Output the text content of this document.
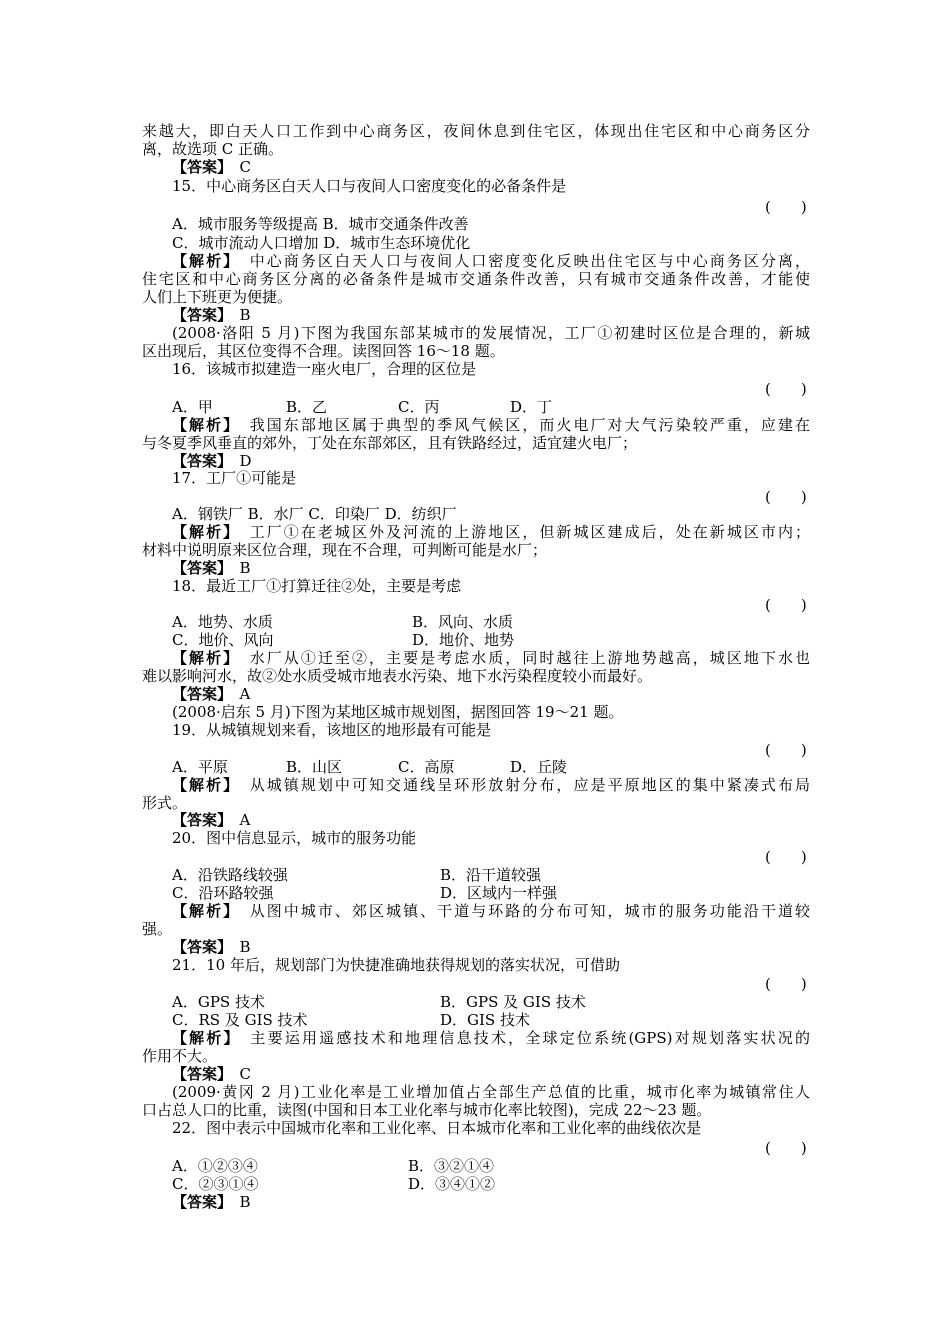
来越大，即白天人口工作到中心商务区，夜间休息到住宅区，体现出住宅区和中心商务区分
离，故选项 C 正确。
【答案】　 C
15．中心商务区白天人口与夜间人口密度变化的必备条件是
(　　)
A．城市服务等级提高 B．城市交通条件改善
C．城市流动人口增加 D．城市生态环境优化
【解析】　 中心商务区白天人口与夜间人口密度变化反映出住宅区与中心商务区分离，
住宅区和中心商务区分离的必备条件是城市交通条件改善，只有城市交通条件改善，才能使
人们上下班更为便捷。
【答案】　 B
(2008·洛阳 5 月)下图为我国东部某城市的发展情况，工厂①初建时区位是合理的，新城
区出现后，其区位变得不合理。读图回答 16～18 题。
16．该城市拟建造一座火电厂，合理的区位是
(　　)
A．甲	B．乙	C．丙	D．丁
【解析】　 我国东部地区属于典型的季风气候区，而火电厂对大气污染较严重，应建在
与冬夏季风垂直的郊外，丁处在东部郊区，且有铁路经过，适宜建火电厂；
【答案】　 D
17．工厂①可能是
(　　)
A．钢铁厂 B．水厂 C．印染厂 D．纺织厂
【解析】　 工厂①在老城区外及河流的上游地区，但新城区建成后，处在新城区市内；
材料中说明原来区位合理，现在不合理，可判断可能是水厂；
【答案】　 B
18．最近工厂①打算迁往②处，主要是考虑
(　　)
A．地势、水质	B．风向、水质
C．地价、风向	D．地价、地势
【解析】　 水厂从①迁至②，主要是考虑水质，同时越往上游地势越高，城区地下水也
难以影响河水，故②处水质受城市地表水污染、地下水污染程度较小而最好。
【答案】　 A
(2008·启东 5 月)下图为某地区城市规划图，据图回答 19～21 题。
19．从城镇规划来看，该地区的地形最有可能是
(　　)
A．平原	B．山区	C．高原	D．丘陵
【解析】　 从城镇规划中可知交通线呈环形放射分布，应是平原地区的集中紧凑式布局
形式。
【答案】　 A
20．图中信息显示，城市的服务功能
(　　)
A．沿铁路线较强	B．沿干道较强
C．沿环路较强	D．区域内一样强
【解析】　 从图中城市、郊区城镇、干道与环路的分布可知，城市的服务功能沿干道较
强。
【答案】　 B
21．10 年后，规划部门为快捷准确地获得规划的落实状况，可借助
(　　)
A．GPS 技术	B．GPS 及 GIS 技术
C．RS 及 GIS 技术	D．GIS 技术
【解析】　 主要运用遥感技术和地理信息技术，全球定位系统(GPS)对规划落实状况的
作用不大。
【答案】　 C
(2009·黄冈 2 月)工业化率是工业增加值占全部生产总值的比重，城市化率为城镇常住人
口占总人口的比重，读图(中国和日本工业化率与城市化率比较图)，完成 22～23 题。
22．图中表示中国城市化率和工业化率、日本城市化率和工业化率的曲线依次是
(　　)
A．①②③④	B．③②①④
C．②③①④	D．③④①②
【答案】　 B
